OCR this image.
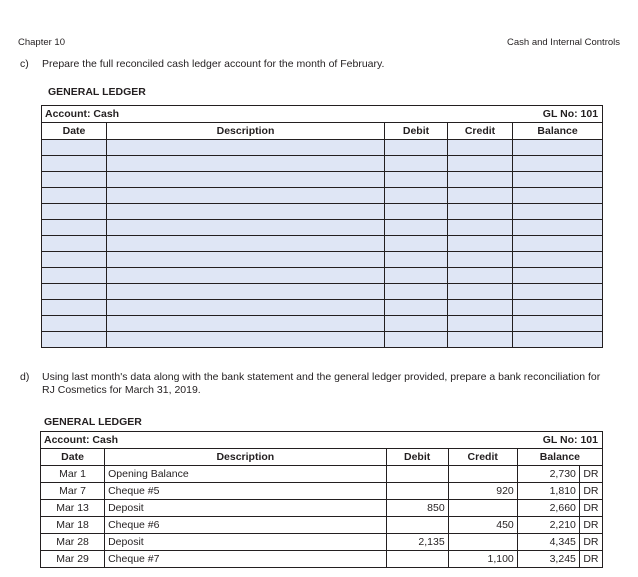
Chapter 10	Cash and Internal Controls
c) Prepare the full reconciled cash ledger account for the month of February.
GENERAL LEDGER
Account: Cash			GL No: 101		
Date	Description	Debit	Credit	Balance	

d) Using last month's data along with the bank statement and the general ledger provided, prepare a bank reconciliation for RJ Cosmetics for March 31, 2019.
GENERAL LEDGER
Account: Cash			GL No: 101		
Date	Description	Debit	Credit	Balance	
Mar 1	Opening Balance			2,730	DR
Mar 7	Cheque #5		920	1,810	DR
Mar 13	Deposit	850		2,660	DR
Mar 18	Cheque #6		450	2,210	DR
Mar 28	Deposit	2,135		4,345	DR
Mar 29	Cheque #7		1,100	3,245	DR
